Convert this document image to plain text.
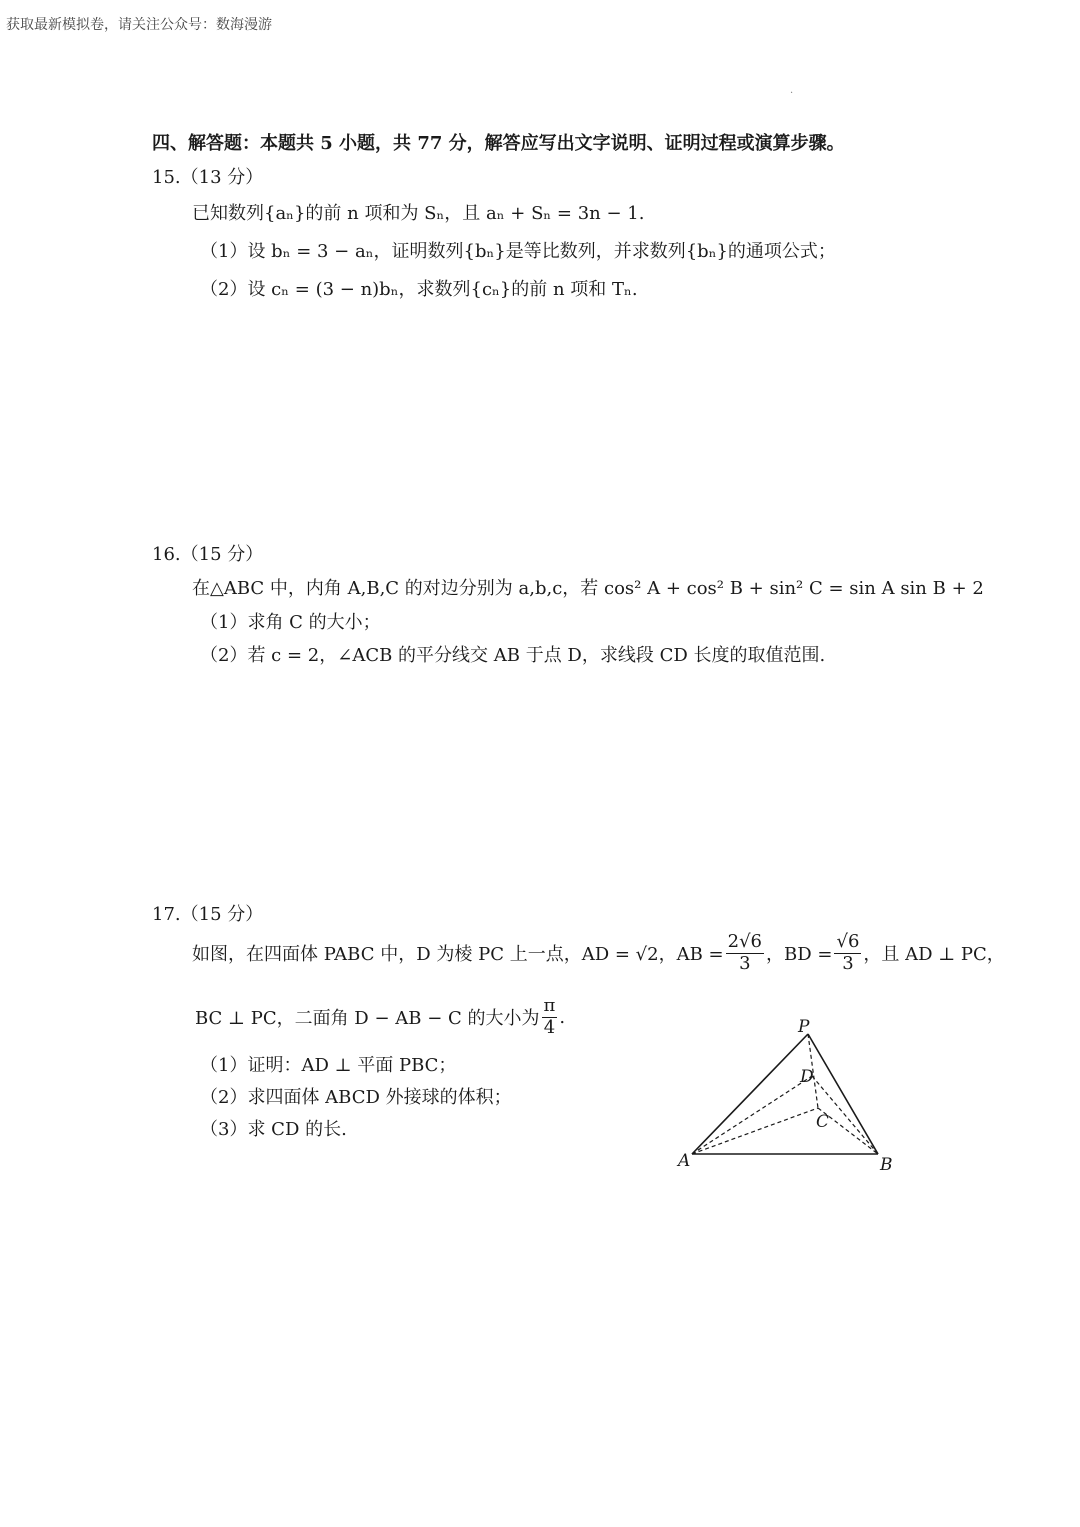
获取最新模拟卷，请关注公众号：数海漫游
·
四、解答题：本题共 5 小题，共 77 分，解答应写出文字说明、证明过程或演算步骤。
15.（13 分）
已知数列{aₙ}的前 n 项和为 Sₙ，且 aₙ + Sₙ = 3n − 1.
（1）设 bₙ = 3 − aₙ，证明数列{bₙ}是等比数列，并求数列{bₙ}的通项公式；
（2）设 cₙ = (3 − n)bₙ，求数列{cₙ}的前 n 项和 Tₙ.
16.（15 分）
在△ABC 中，内角 A,B,C 的对边分别为 a,b,c，若 cos² A + cos² B + sin² C = sin A sin B + 2
（1）求角 C 的大小；
（2）若 c = 2，∠ACB 的平分线交 AB 于点 D，求线段 CD 长度的取值范围.
17.（15 分）
如图，在四面体 PABC 中，D 为棱 PC 上一点，AD = √2，AB = $\frac{2√6}{3}$ ，BD = $\frac{√6}{3}$ ，且 AD ⊥ PC，
BC ⊥ PC，二面角 D − AB − C 的大小为 $\frac{\pi}{4}$ .
（1）证明：AD ⊥ 平面 PBC；
（2）求四面体 ABCD 外接球的体积；
（3）求 CD 的长.
P
D
C
A	B
